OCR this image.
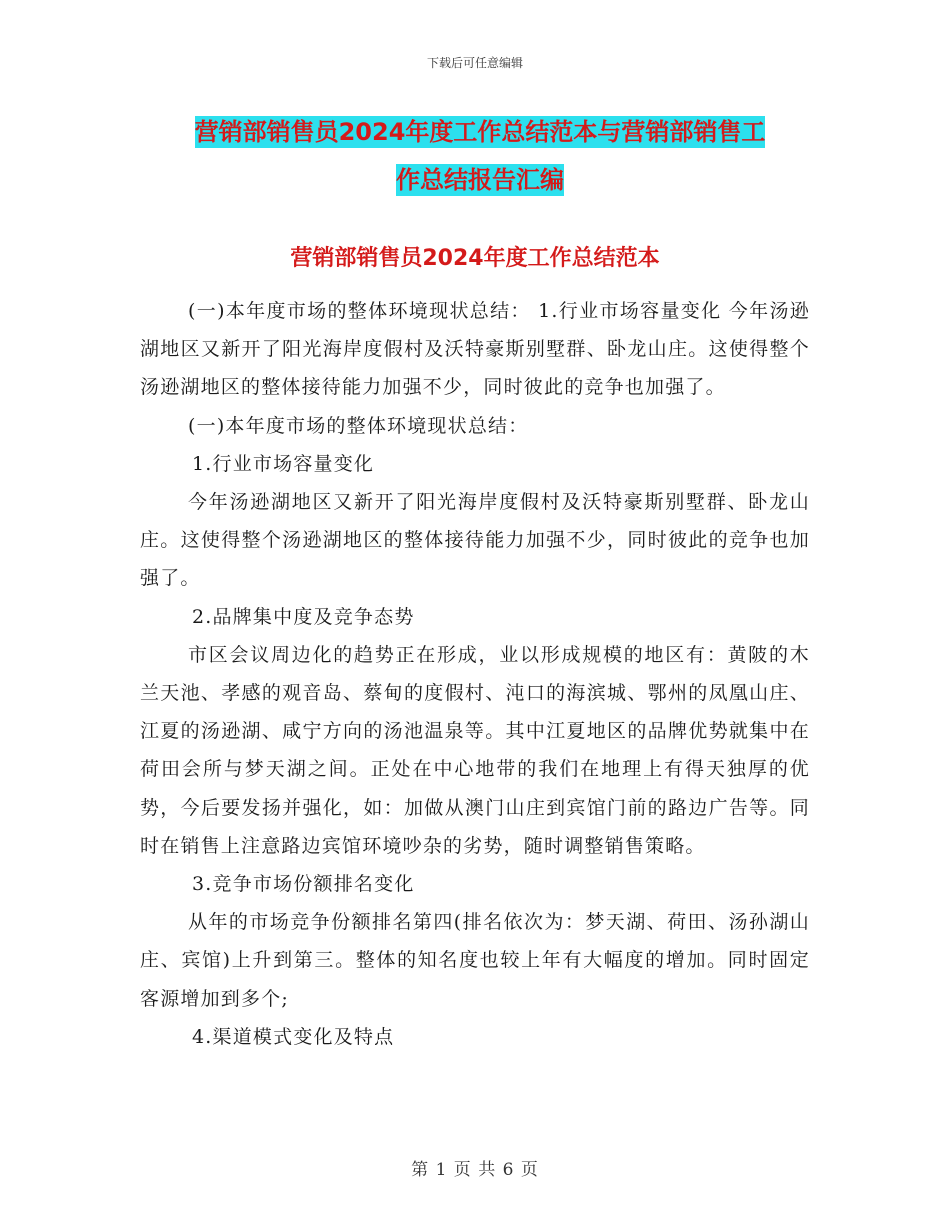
下载后可任意编辑
营销部销售员2024年度工作总结范本与营销部销售工
作总结报告汇编
营销部销售员2024年度工作总结范本

(一)本年度市场的整体环境现状总结： 1.行业市场容量变化 今年汤逊湖地区又新开了阳光海岸度假村及沃特豪斯别墅群、卧龙山庄。这使得整个汤逊湖地区的整体接待能力加强不少，同时彼此的竞争也加强了。

(一)本年度市场的整体环境现状总结：

1.行业市场容量变化

今年汤逊湖地区又新开了阳光海岸度假村及沃特豪斯别墅群、卧龙山庄。这使得整个汤逊湖地区的整体接待能力加强不少，同时彼此的竞争也加强了。

2.品牌集中度及竞争态势

市区会议周边化的趋势正在形成，业以形成规模的地区有：黄陂的木兰天池、孝感的观音岛、蔡甸的度假村、沌口的海滨城、鄂州的凤凰山庄、江夏的汤逊湖、咸宁方向的汤池温泉等。其中江夏地区的品牌优势就集中在荷田会所与梦天湖之间。正处在中心地带的我们在地理上有得天独厚的优势，今后要发扬并强化，如：加做从澳门山庄到宾馆门前的路边广告等。同时在销售上注意路边宾馆环境吵杂的劣势，随时调整销售策略。

3.竞争市场份额排名变化

从年的市场竞争份额排名第四(排名依次为：梦天湖、荷田、汤孙湖山庄、宾馆)上升到第三。整体的知名度也较上年有大幅度的增加。同时固定客源增加到多个;

4.渠道模式变化及特点

第 1 页 共 6 页
